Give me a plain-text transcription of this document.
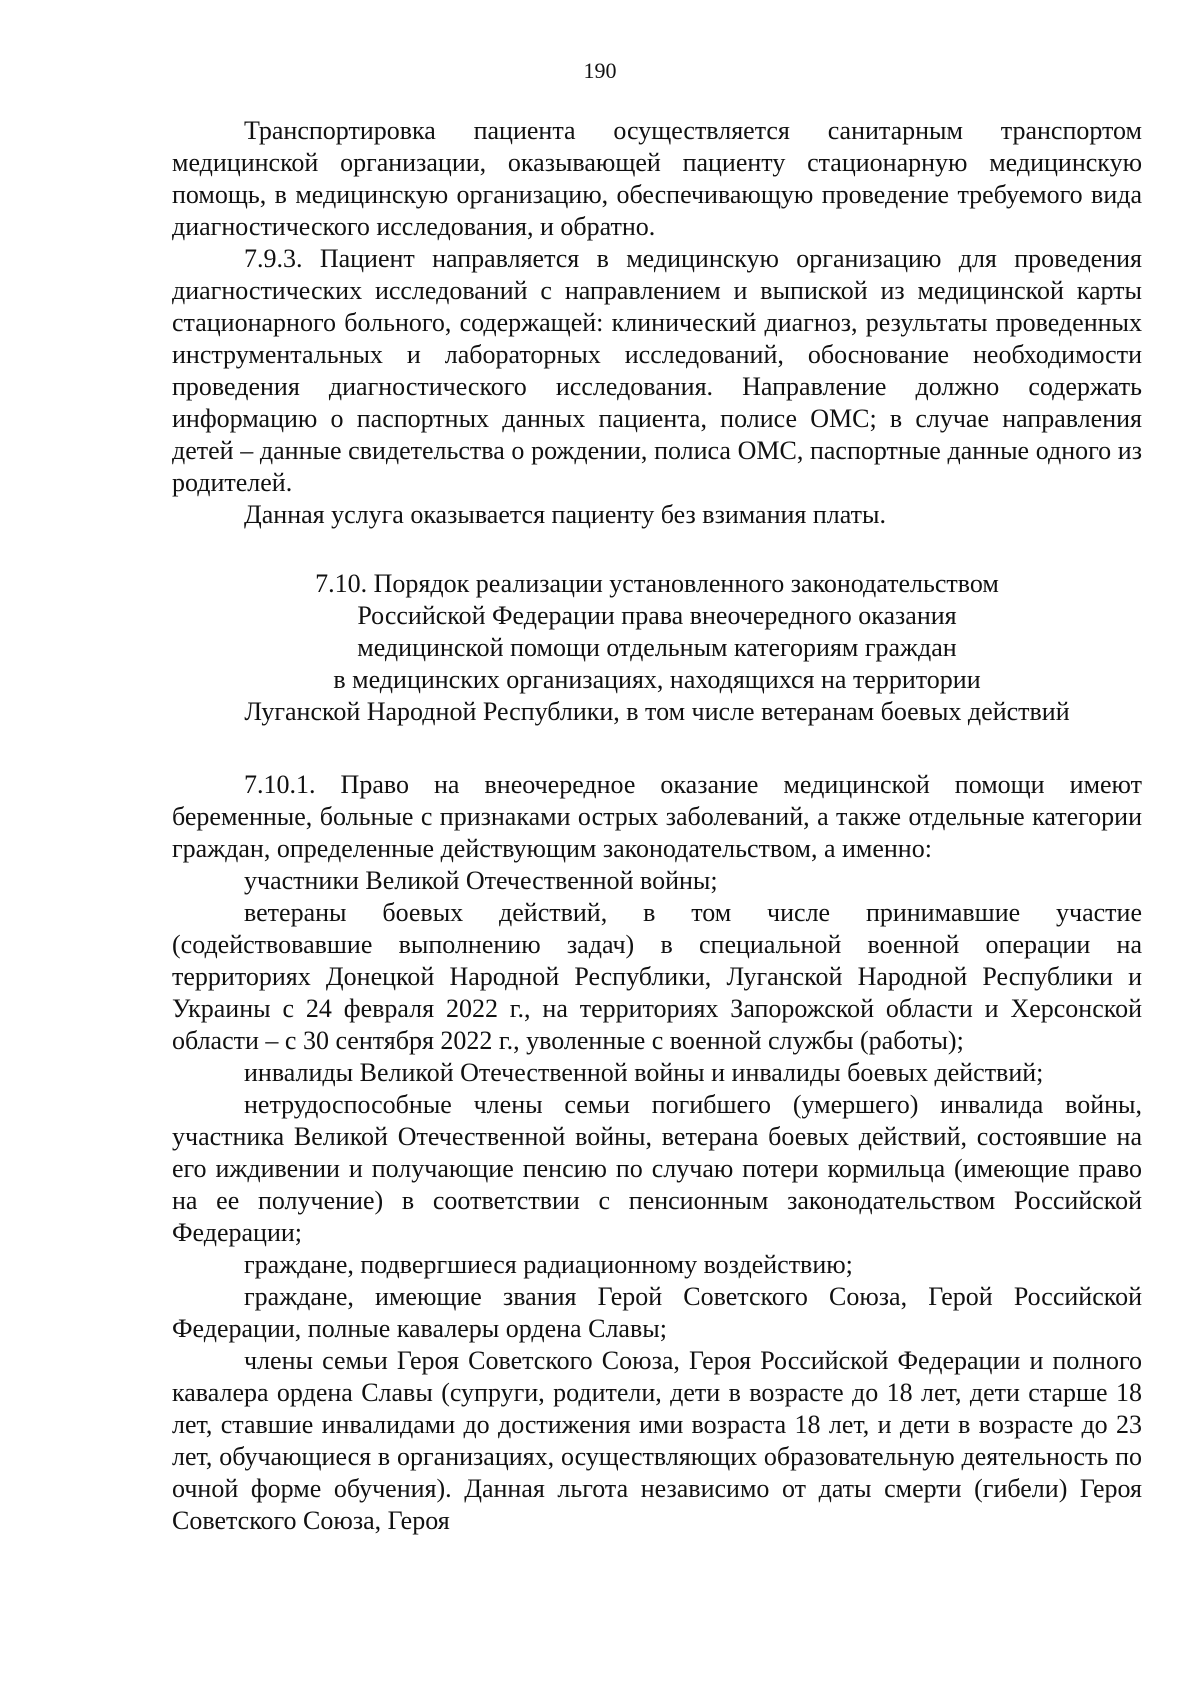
190

Транспортировка пациента осуществляется санитарным транспортом медицинской организации, оказывающей пациенту стационарную медицинскую помощь, в медицинскую организацию, обеспечивающую проведение требуемого вида диагностического исследования, и обратно.

7.9.3. Пациент направляется в медицинскую организацию для проведения диагностических исследований с направлением и выпиской из медицинской карты стационарного больного, содержащей: клинический диагноз, результаты проведенных инструментальных и лабораторных исследований, обоснование необходимости проведения диагностического исследования. Направление должно содержать информацию о паспортных данных пациента, полисе ОМС; в случае направления детей – данные свидетельства о рождении, полиса ОМС, паспортные данные одного из родителей.

Данная услуга оказывается пациенту без взимания платы.

7.10. Порядок реализации установленного законодательством
Российской Федерации права внеочередного оказания
медицинской помощи отдельным категориям граждан
в медицинских организациях, находящихся на территории
Луганской Народной Республики, в том числе ветеранам боевых действий

7.10.1. Право на внеочередное оказание медицинской помощи имеют беременные, больные с признаками острых заболеваний, а также отдельные категории граждан, определенные действующим законодательством, а именно:

участники Великой Отечественной войны;

ветераны боевых действий, в том числе принимавшие участие (содействовавшие выполнению задач) в специальной военной операции на территориях Донецкой Народной Республики, Луганской Народной Республики и Украины с 24 февраля 2022 г., на территориях Запорожской области и Херсонской области – с 30 сентября 2022 г., уволенные с военной службы (работы);

инвалиды Великой Отечественной войны и инвалиды боевых действий;

нетрудоспособные члены семьи погибшего (умершего) инвалида войны, участника Великой Отечественной войны, ветерана боевых действий, состоявшие на его иждивении и получающие пенсию по случаю потери кормильца (имеющие право на ее получение) в соответствии с пенсионным законодательством Российской Федерации;

граждане, подвергшиеся радиационному воздействию;

граждане, имеющие звания Герой Советского Союза, Герой Российской Федерации, полные кавалеры ордена Славы;

члены семьи Героя Советского Союза, Героя Российской Федерации и полного кавалера ордена Славы (супруги, родители, дети в возрасте до 18 лет, дети старше 18 лет, ставшие инвалидами до достижения ими возраста 18 лет, и дети в возрасте до 23 лет, обучающиеся в организациях, осуществляющих образовательную деятельность по очной форме обучения). Данная льгота независимо от даты смерти (гибели) Героя Советского Союза, Героя
